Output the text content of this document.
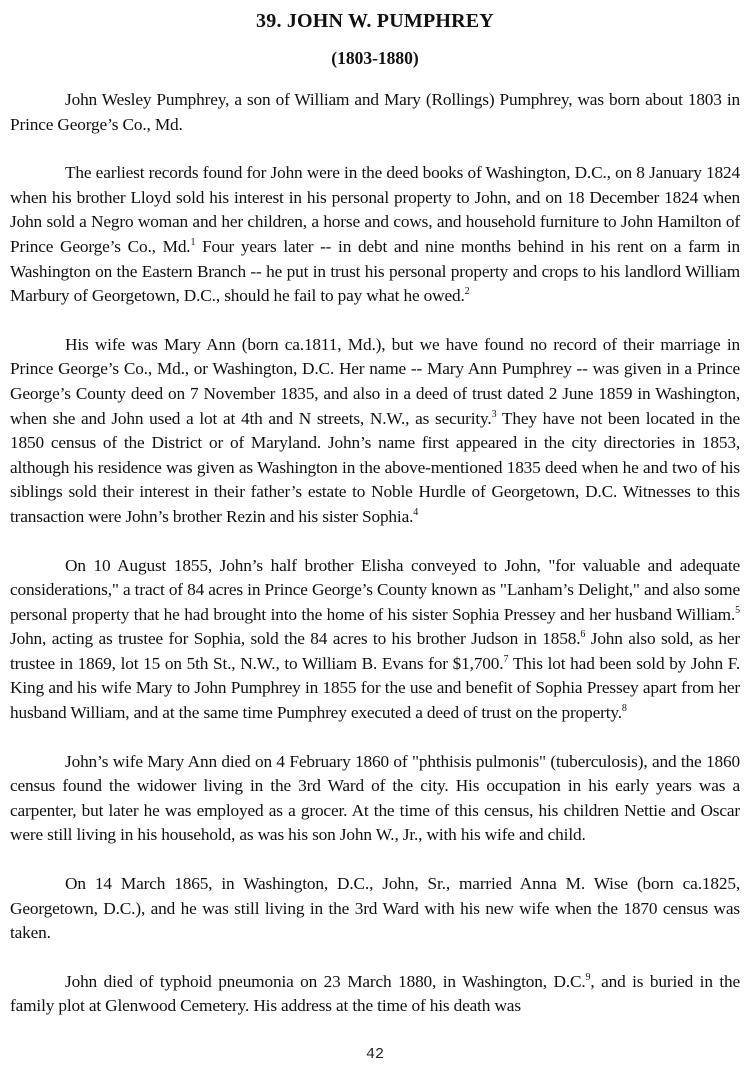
39. JOHN W. PUMPHREY
(1803-1880)

John Wesley Pumphrey, a son of William and Mary (Rollings) Pumphrey, was born about 1803 in Prince George’s Co., Md.

The earliest records found for John were in the deed books of Washington, D.C., on 8 January 1824 when his brother Lloyd sold his interest in his personal property to John, and on 18 December 1824 when John sold a Negro woman and her children, a horse and cows, and household furniture to John Hamilton of Prince George’s Co., Md.$^1$ Four years later -- in debt and nine months behind in his rent on a farm in Washington on the Eastern Branch -- he put in trust his personal property and crops to his landlord William Marbury of Georgetown, D.C., should he fail to pay what he owed.$^2$

His wife was Mary Ann (born ca.1811, Md.), but we have found no record of their marriage in Prince George’s Co., Md., or Washington, D.C. Her name -- Mary Ann Pumphrey -- was given in a Prince George’s County deed on 7 November 1835, and also in a deed of trust dated 2 June 1859 in Washington, when she and John used a lot at 4th and N streets, N.W., as security.$^3$ They have not been located in the 1850 census of the District or of Maryland. John’s name first appeared in the city directories in 1853, although his residence was given as Washington in the above-mentioned 1835 deed when he and two of his siblings sold their interest in their father’s estate to Noble Hurdle of Georgetown, D.C. Witnesses to this transaction were John’s brother Rezin and his sister Sophia.$^4$

On 10 August 1855, John’s half brother Elisha conveyed to John, "for valuable and adequate considerations," a tract of 84 acres in Prince George’s County known as "Lanham’s Delight," and also some personal property that he had brought into the home of his sister Sophia Pressey and her husband William.$^5$ John, acting as trustee for Sophia, sold the 84 acres to his brother Judson in 1858.$^6$ John also sold, as her trustee in 1869, lot 15 on 5th St., N.W., to William B. Evans for $1,700.$^7$ This lot had been sold by John F. King and his wife Mary to John Pumphrey in 1855 for the use and benefit of Sophia Pressey apart from her husband William, and at the same time Pumphrey executed a deed of trust on the property.$^8$

John’s wife Mary Ann died on 4 February 1860 of "phthisis pulmonis" (tuberculosis), and the 1860 census found the widower living in the 3rd Ward of the city. His occupation in his early years was a carpenter, but later he was employed as a grocer. At the time of this census, his children Nettie and Oscar were still living in his household, as was his son John W., Jr., with his wife and child.

On 14 March 1865, in Washington, D.C., John, Sr., married Anna M. Wise (born ca.1825, Georgetown, D.C.), and he was still living in the 3rd Ward with his new wife when the 1870 census was taken.

John died of typhoid pneumonia on 23 March 1880, in Washington, D.C.$^9$, and is buried in the family plot at Glenwood Cemetery. His address at the time of his death was

42
